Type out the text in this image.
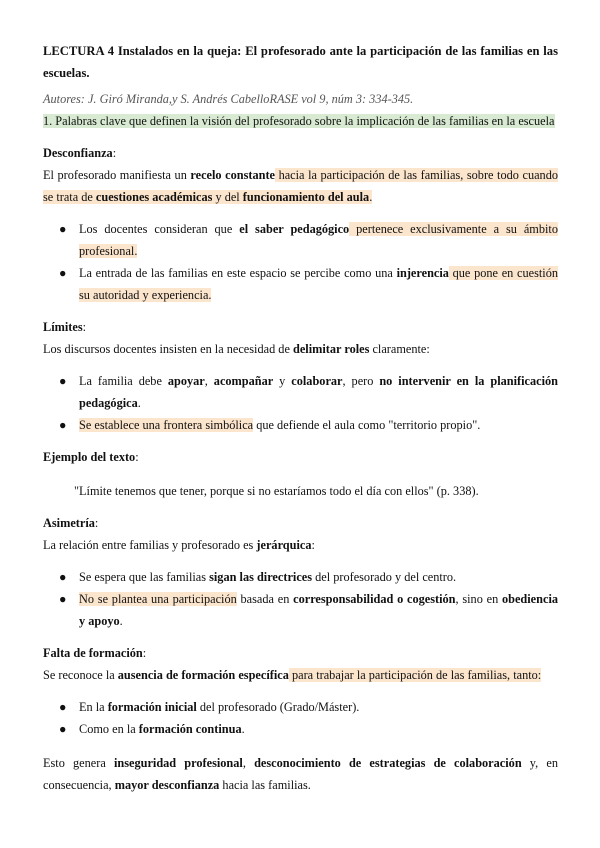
LECTURA 4 Instalados en la queja: El profesorado ante la participación de las familias en las escuelas.

Autores: J. Giró Miranda,y S. Andrés CabelloRASE vol 9, núm 3: 334-345.

1. Palabras clave que definen la visión del profesorado sobre la implicación de las familias en la escuela

Desconfianza:

El profesorado manifiesta un recelo constante hacia la participación de las familias, sobre todo cuando se trata de cuestiones académicas y del funcionamiento del aula.

● Los docentes consideran que el saber pedagógico pertenece exclusivamente a su ámbito profesional.
● La entrada de las familias en este espacio se percibe como una injerencia que pone en cuestión su autoridad y experiencia.

Límites:

Los discursos docentes insisten en la necesidad de delimitar roles claramente:

● La familia debe apoyar, acompañar y colaborar, pero no intervenir en la planificación pedagógica.
● Se establece una frontera simbólica que defiende el aula como "territorio propio".

Ejemplo del texto:

"Límite tenemos que tener, porque si no estaríamos todo el día con ellos" (p. 338).

Asimetría:

La relación entre familias y profesorado es jerárquica:

● Se espera que las familias sigan las directrices del profesorado y del centro.
● No se plantea una participación basada en corresponsabilidad o cogestión, sino en obediencia y apoyo.

Falta de formación:

Se reconoce la ausencia de formación específica para trabajar la participación de las familias, tanto:

● En la formación inicial del profesorado (Grado/Máster).
● Como en la formación continua.

Esto genera inseguridad profesional, desconocimiento de estrategias de colaboración y, en consecuencia, mayor desconfianza hacia las familias.
